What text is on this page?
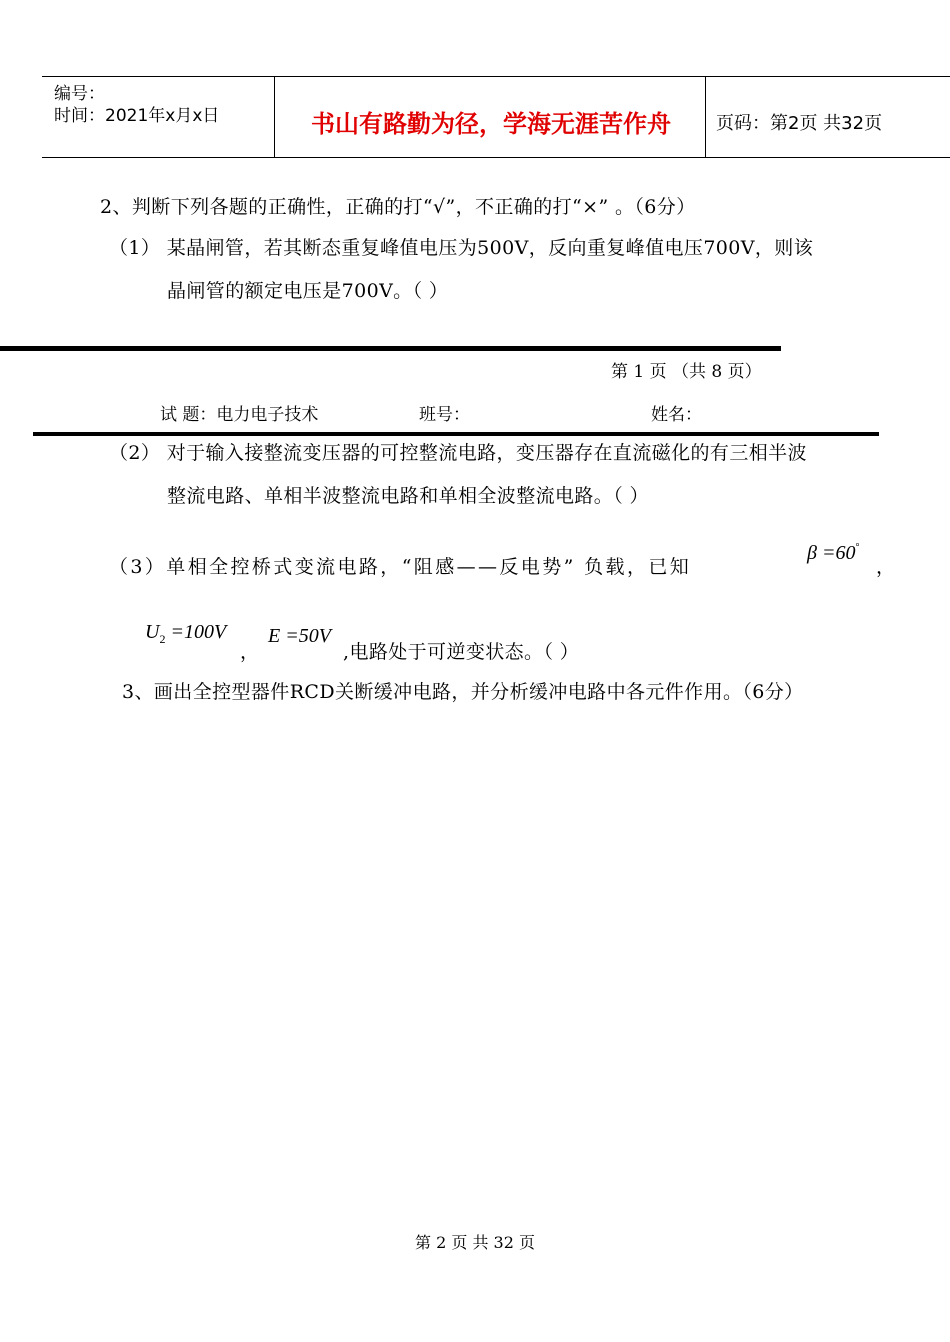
编号：
时间：2021年x月x日	书山有路勤为径，学海无涯苦作舟	页码：第2页 共32页
2、判断下列各题的正确性，正确的打“√”，不正确的打“×” 。（6分）
（1） 某晶闸管，若其断态重复峰值电压为500V，反向重复峰值电压700V，则该
晶闸管的额定电压是700V。（ ）
第 1 页 （共 8 页）
试 题：电力电子技术	班号：	姓名：
（2） 对于输入接整流变压器的可控整流电路，变压器存在直流磁化的有三相半波
整流电路、单相半波整流电路和单相全波整流电路。（ ）
（3）单相全控桥式变流电路，“阻感——反电势” 负载，已知
β =60°
，
$U_2 =100V$
，
E =50V
,电路处于可逆变状态。（ ）
3、画出全控型器件RCD关断缓冲电路，并分析缓冲电路中各元件作用。（6分）
第 2 页 共 32 页
